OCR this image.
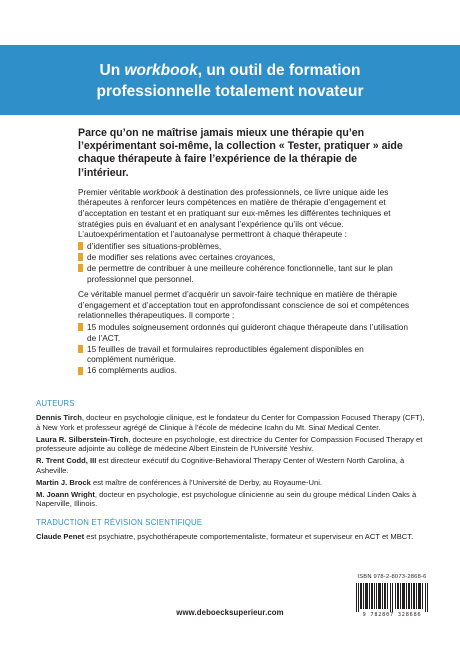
Un workbook, un outil de formation
professionnelle totalement novateur

Parce qu’on ne maîtrise jamais mieux une thérapie qu’en l’expérimentant soi-même, la collection « Tester, pratiquer » aide chaque thérapeute à faire l’expérience de la thérapie de l’intérieur.

Premier véritable workbook à destination des professionnels, ce livre unique aide les thérapeutes à renforcer leurs compétences en matière de thérapie d’engagement et d’acceptation en testant et en pratiquant sur eux-mêmes les différentes techniques et stratégies puis en évaluant et en analysant l’expérience qu’ils ont vécue. L’autoexpérimentation et l’autoanalyse permettront à chaque thérapeute :

d’identifier ses situations-problèmes,
de modifier ses relations avec certaines croyances,
de permettre de contribuer à une meilleure cohérence fonctionnelle, tant sur le plan professionnel que personnel.

Ce véritable manuel permet d’acquérir un savoir-faire technique en matière de thérapie d’engagement et d’acceptation tout en approfondissant conscience de soi et compétences relationnelles thérapeutiques. Il comporte :

15 modules soigneusement ordonnés qui guideront chaque thérapeute dans l’utilisation de l’ACT.
15 feuilles de travail et formulaires reproductibles également disponibles en complément numérique.
16 compléments audios.
AUTEURS

Dennis Tirch, docteur en psychologie clinique, est le fondateur du Center for Compassion Focused Therapy (CFT), à New York et professeur agrégé de Clinique à l’école de médecine Icahn du Mt. Sinaï Medical Center.

Laura R. Silberstein-Tirch, docteure en psychologie, est directrice du Center for Compassion Focused Therapy et professeure adjointe au collège de médecine Albert Einstein de l’Université Yeshiv.

R. Trent Codd, III est directeur exécutif du Cognitive-Behavioral Therapy Center of Western North Carolina, à Asheville.

Martin J. Brock est maître de conférences à l’Université de Derby, au Royaume-Uni.

M. Joann Wright, docteur en psychologie, est psychologue clinicienne au sein du groupe médical Linden Oaks à Naperville, Illinois.

TRADUCTION ET RÉVISION SCIENTIFIQUE

Claude Penet est psychiatre, psychothérapeute comportementaliste, formateur et superviseur en ACT et MBCT.

ISBN 978-2-8073-2868-6
9 782807 328686
www.deboecksuperieur.com
